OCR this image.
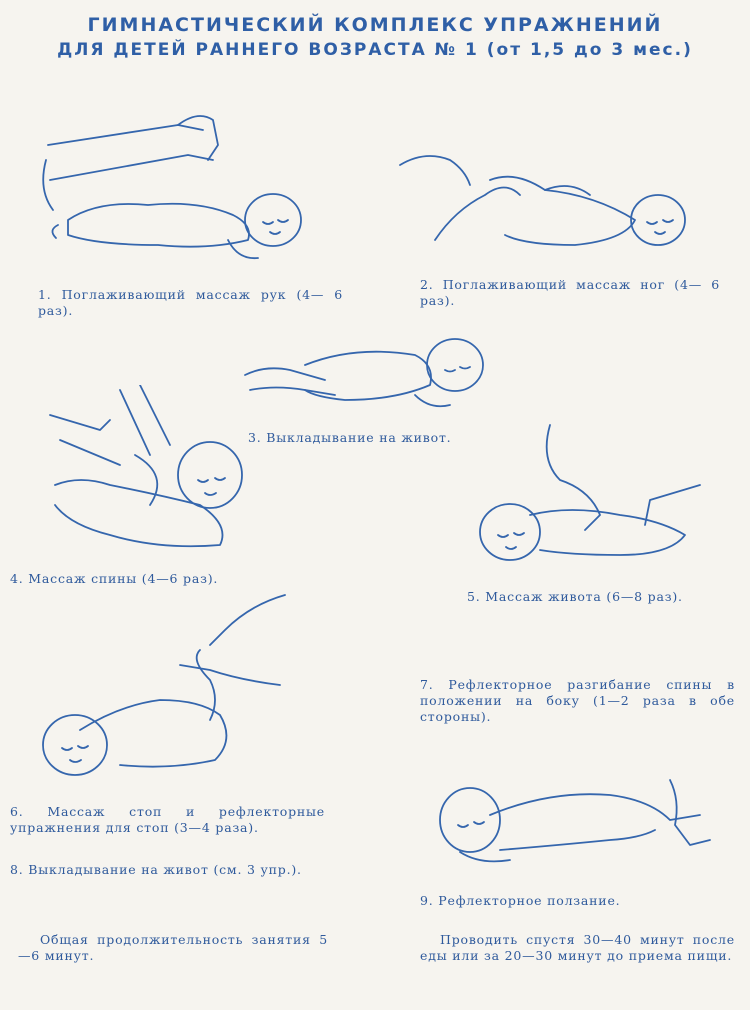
ГИМНАСТИЧЕСКИЙ КОМПЛЕКС УПРАЖНЕНИЙ
ДЛЯ ДЕТЕЙ РАННЕГО ВОЗРАСТА № 1 (от 1,5 до 3 мес.)

1. Поглаживающий массаж рук (4— 6 раз).

2. Поглаживающий массаж ног (4— 6 раз).

3. Выкладывание на живот.

4. Массаж спины (4—6 раз).

5. Массаж живота (6—8 раз).

6. Массаж стоп и рефлекторные упражнения для стоп (3—4 раза).

7. Рефлекторное разгибание спины в положении на боку (1—2 раза в обе стороны).

8. Выкладывание на живот (см. 3 упр.).

9. Рефлекторное ползание.

Общая продолжительность занятия 5—6 минут.

Проводить спустя 30—40 минут после еды или за 20—30 минут до приема пищи.
